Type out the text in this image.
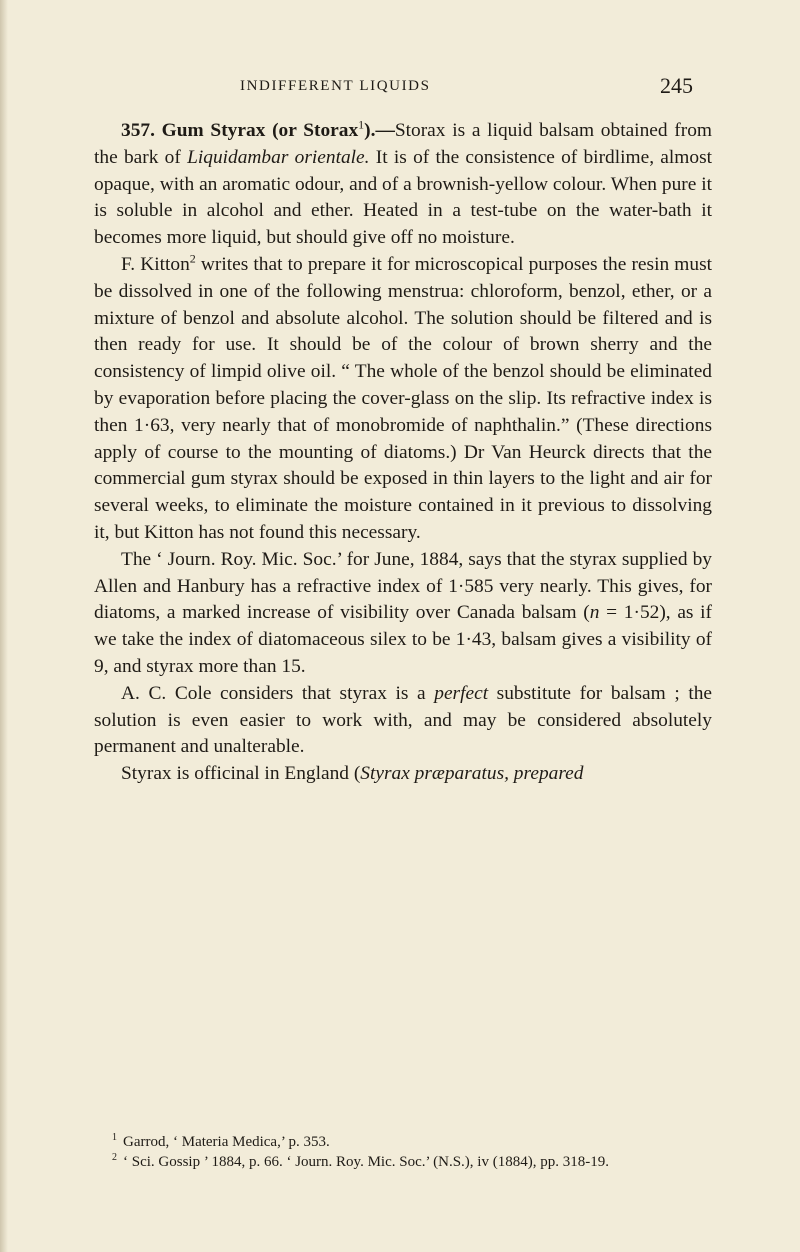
INDIFFERENT LIQUIDS	245

357. Gum Styrax (or Storax$^1$).—Storax is a liquid balsam obtained from the bark of Liquidambar orientale. It is of the consistence of birdlime, almost opaque, with an aromatic odour, and of a brownish-yellow colour. When pure it is soluble in alcohol and ether. Heated in a test-tube on the water-bath it becomes more liquid, but should give off no moisture.

F. Kitton$^2$ writes that to prepare it for microscopical purposes the resin must be dissolved in one of the following menstrua: chloroform, benzol, ether, or a mixture of benzol and absolute alcohol. The solution should be filtered and is then ready for use. It should be of the colour of brown sherry and the consistency of limpid olive oil. “ The whole of the benzol should be eliminated by evaporation before placing the cover-glass on the slip. Its refractive index is then 1·63, very nearly that of monobromide of naphthalin.” (These directions apply of course to the mounting of diatoms.) Dr Van Heurck directs that the commercial gum styrax should be exposed in thin layers to the light and air for several weeks, to eliminate the moisture contained in it previous to dissolving it, but Kitton has not found this necessary.

The ‘ Journ. Roy. Mic. Soc.’ for June, 1884, says that the styrax supplied by Allen and Hanbury has a refractive index of 1·585 very nearly. This gives, for diatoms, a marked increase of visibility over Canada balsam (n = 1·52), as if we take the index of diatomaceous silex to be 1·43, balsam gives a visibility of 9, and styrax more than 15.

A. C. Cole considers that styrax is a perfect substitute for balsam ; the solution is even easier to work with, and may be considered absolutely permanent and unalterable.

Styrax is officinal in England (Styrax præparatus, prepared

$^1$ Garrod, ‘ Materia Medica,’ p. 353.

$^2$ ‘ Sci. Gossip ’ 1884, p. 66. ‘ Journ. Roy. Mic. Soc.’ (N.S.), iv (1884), pp. 318-19.
